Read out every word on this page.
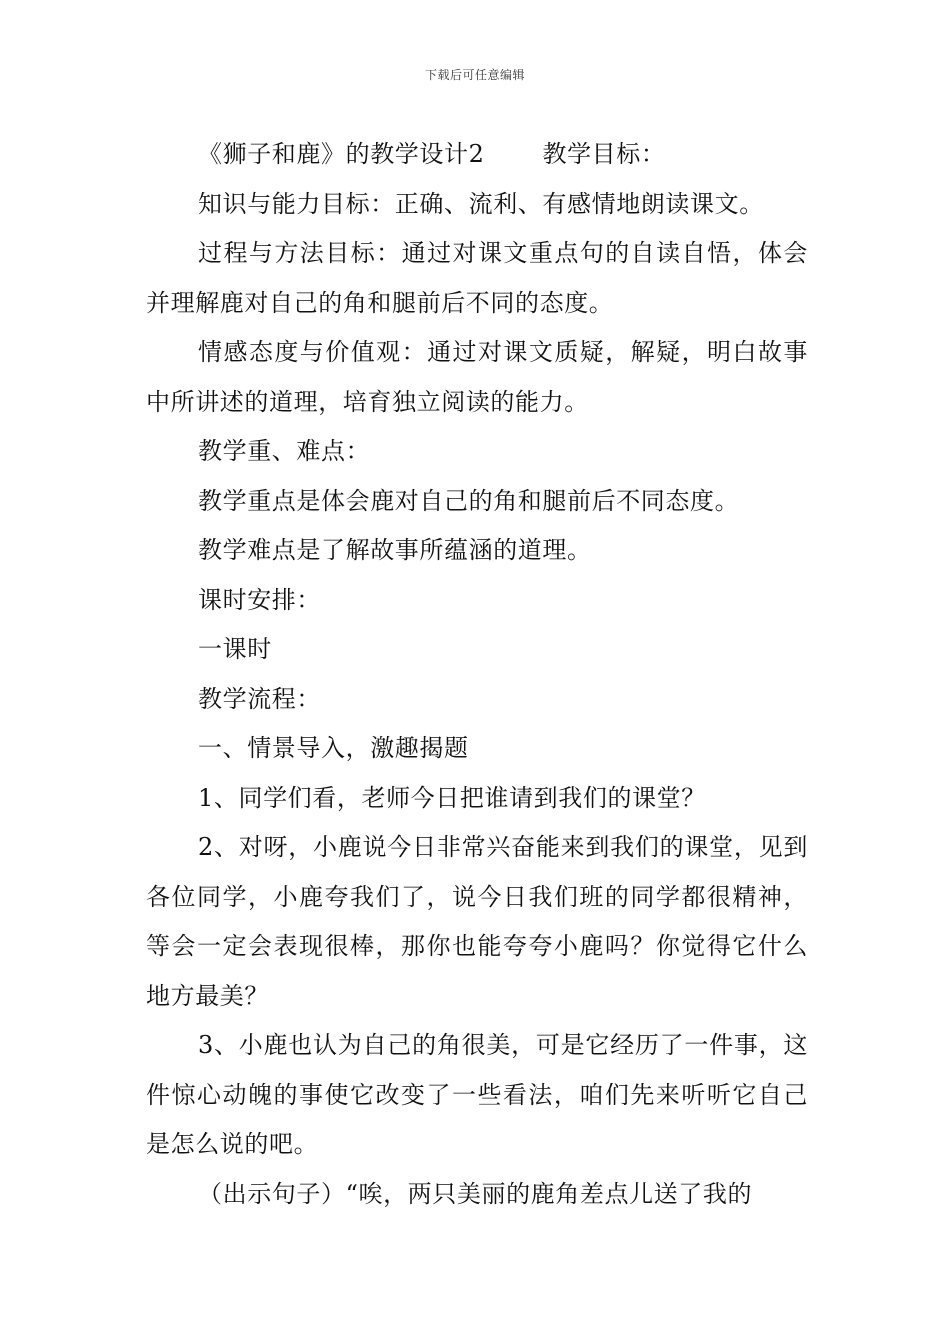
下载后可任意编辑

《狮子和鹿》的教学设计2 教学目标：

知识与能力目标：正确、流利、有感情地朗读课文。

过程与方法目标：通过对课文重点句的自读自悟，体会并理解鹿对自己的角和腿前后不同的态度。

情感态度与价值观：通过对课文质疑，解疑，明白故事中所讲述的道理，培育独立阅读的能力。

教学重、难点：

教学重点是体会鹿对自己的角和腿前后不同态度。

教学难点是了解故事所蕴涵的道理。

课时安排：

一课时

教学流程：

一、情景导入，激趣揭题

1、同学们看，老师今日把谁请到我们的课堂？

2、对呀，小鹿说今日非常兴奋能来到我们的课堂，见到各位同学，小鹿夸我们了，说今日我们班的同学都很精神，等会一定会表现很棒，那你也能夸夸小鹿吗？你觉得它什么地方最美？

3、小鹿也认为自己的角很美，可是它经历了一件事，这件惊心动魄的事使它改变了一些看法，咱们先来听听它自己是怎么说的吧。

（出示句子）“唉，两只美丽的鹿角差点儿送了我的
